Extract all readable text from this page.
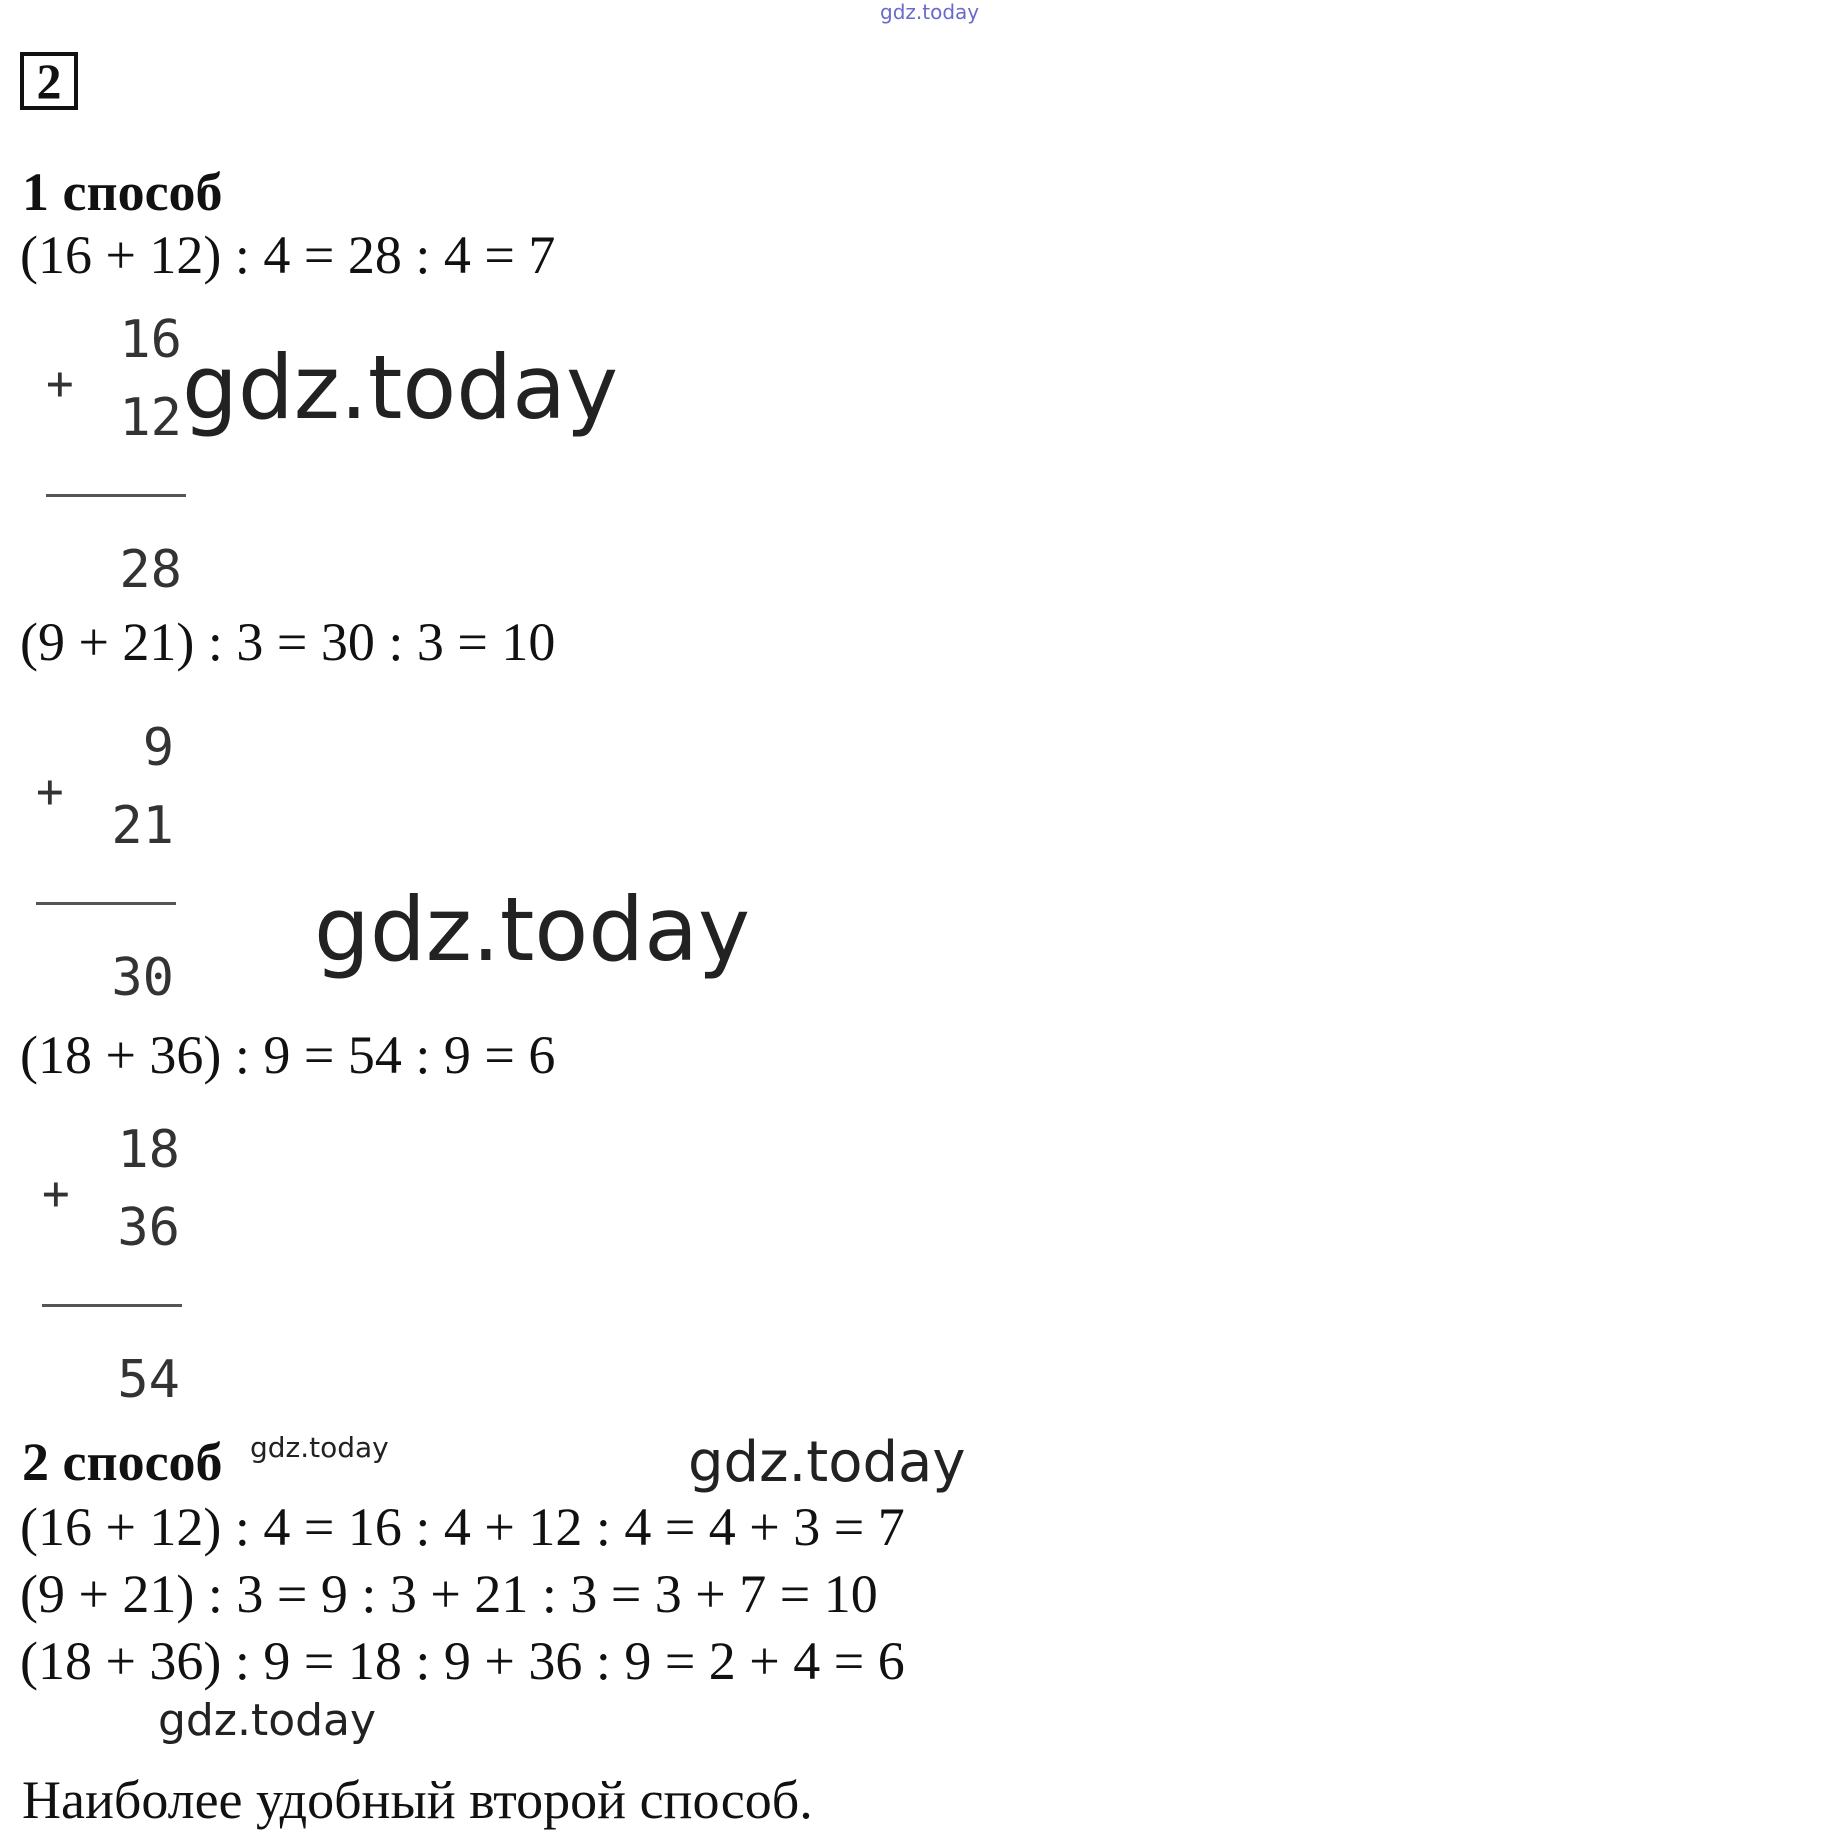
gdz.today
2
1 способ
(16 + 12) : 4 = 28 : 4 = 7
+
16
12
28
gdz.today
(9 + 21) : 3 = 30 : 3 = 10
+
9
21
30 gdz.today
(18 + 36) : 9 = 54 : 9 = 6
+
18
36
54
2 способ gdz.today	gdz.today
(16 + 12) : 4 = 16 : 4 + 12 : 4 = 4 + 3 = 7
(9 + 21) : 3 = 9 : 3 + 21 : 3 = 3 + 7 = 10
(18 + 36) : 9 = 18 : 9 + 36 : 9 = 2 + 4 = 6
gdz.today
Наиболее удобный второй способ.
